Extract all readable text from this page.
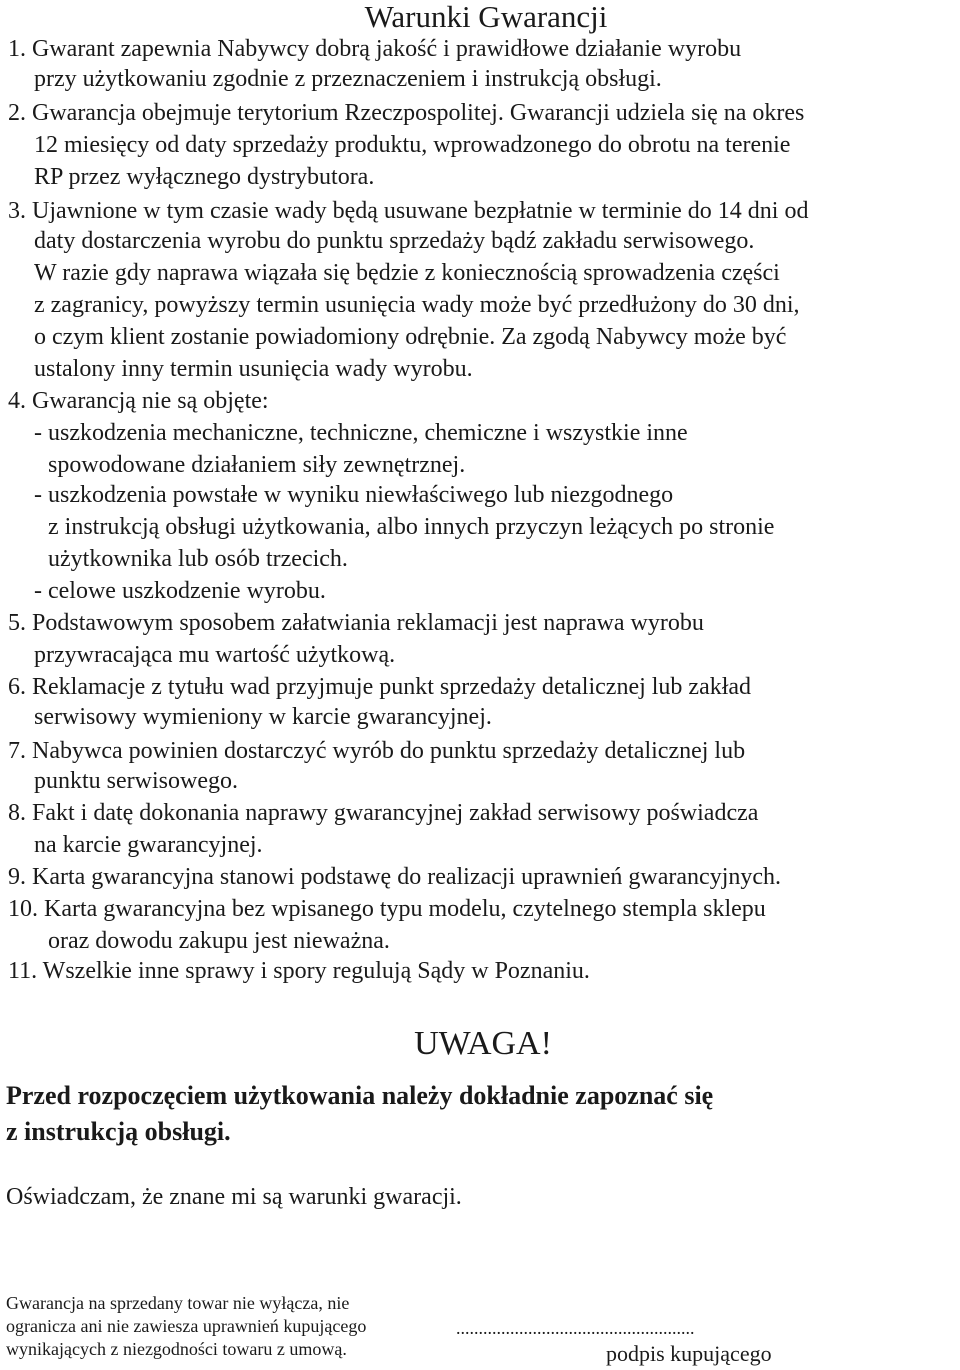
Warunki Gwarancji
1. Gwarant zapewnia Nabywcy dobrą jakość i prawidłowe działanie wyrobu
przy użytkowaniu zgodnie z przeznaczeniem i instrukcją obsługi.
2. Gwarancja obejmuje terytorium Rzeczpospolitej. Gwarancji udziela się na okres
12 miesięcy od daty sprzedaży produktu, wprowadzonego do obrotu na terenie
RP przez wyłącznego dystrybutora.
3. Ujawnione w tym czasie wady będą usuwane bezpłatnie w terminie do 14 dni od
daty dostarczenia wyrobu do punktu sprzedaży bądź zakładu serwisowego.
W razie gdy naprawa wiązała się będzie z koniecznością sprowadzenia części
z zagranicy, powyższy termin usunięcia wady może być przedłużony do 30 dni,
o czym klient zostanie powiadomiony odrębnie. Za zgodą Nabywcy może być
ustalony inny termin usunięcia wady wyrobu.
4. Gwarancją nie są objęte:
- uszkodzenia mechaniczne, techniczne, chemiczne i wszystkie inne
spowodowane działaniem siły zewnętrznej.
- uszkodzenia powstałe w wyniku niewłaściwego lub niezgodnego
z instrukcją obsługi użytkowania, albo innych przyczyn leżących po stronie
użytkownika lub osób trzecich.
- celowe uszkodzenie wyrobu.
5. Podstawowym sposobem załatwiania reklamacji jest naprawa wyrobu
przywracająca mu wartość użytkową.
6. Reklamacje z tytułu wad przyjmuje punkt sprzedaży detalicznej lub zakład
serwisowy wymieniony w karcie gwarancyjnej.
7. Nabywca powinien dostarczyć wyrób do punktu sprzedaży detalicznej lub
punktu serwisowego.
8. Fakt i datę dokonania naprawy gwarancyjnej zakład serwisowy poświadcza
na karcie gwarancyjnej.
9. Karta gwarancyjna stanowi podstawę do realizacji uprawnień gwarancyjnych.
10. Karta gwarancyjna bez wpisanego typu modelu, czytelnego stempla sklepu
oraz dowodu zakupu jest nieważna.
11. Wszelkie inne sprawy i spory regulują Sądy w Poznaniu.
UWAGA!
Przed rozpoczęciem użytkowania należy dokładnie zapoznać się
z instrukcją obsługi.
Oświadczam, że znane mi są warunki gwaracji.
Gwarancja na sprzedany towar nie wyłącza, nie
ogranicza ani nie zawiesza uprawnień kupującego
wynikających z niezgodności towaru z umową.
.....................................................
podpis kupującego
